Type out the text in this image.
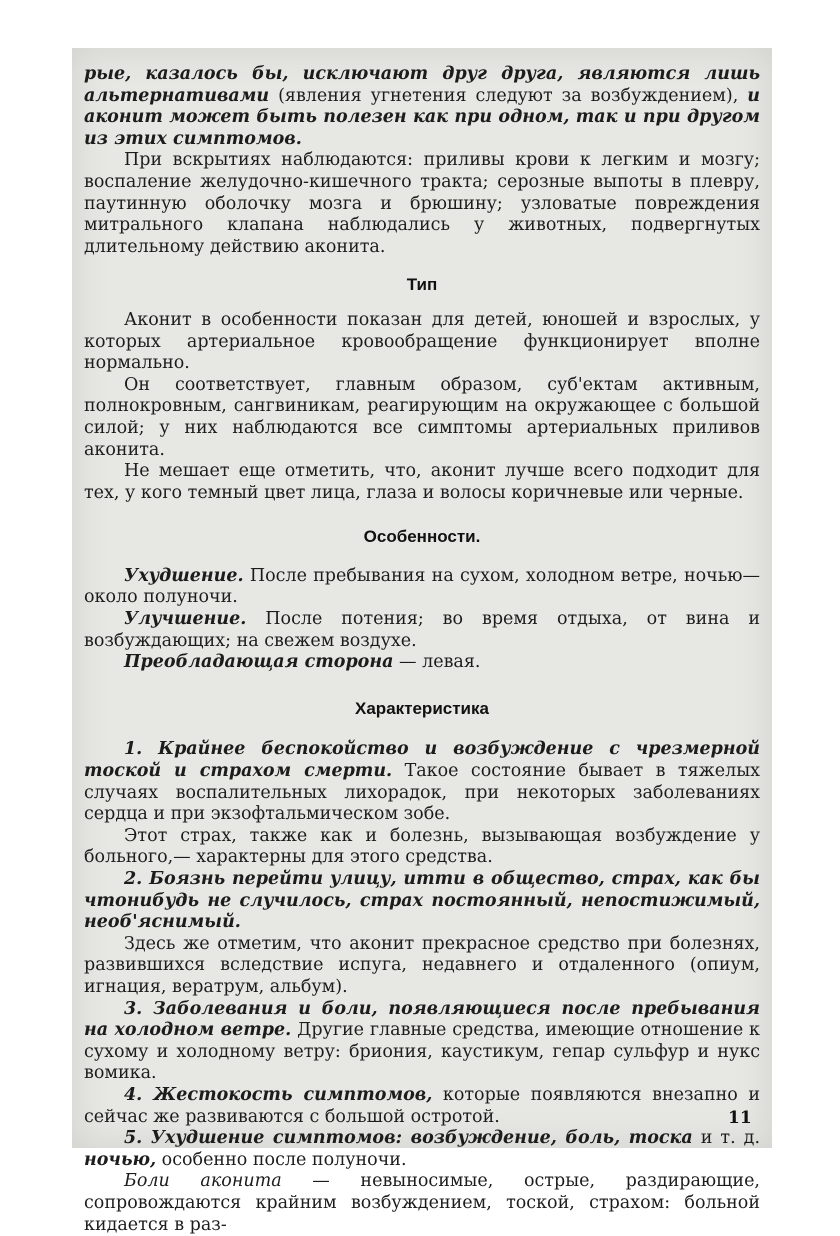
рые, казалось бы, исключают друг друга, являются лишь альтернативами (явления угнетения следуют за возбуждением), и аконит может быть полезен как при одном, так и при другом из этих симптомов.

При вскрытиях наблюдаются: приливы крови к легким и мозгу; воспаление желудочно-кишечного тракта; серозные выпоты в плевру, паутинную оболочку мозга и брюшину; узловатые повреждения митрального клапана наблюдались у животных, подвергнутых длительному действию аконита.

Тип

Аконит в особенности показан для детей, юношей и взрослых, у которых артериальное кровообращение функционирует вполне нормально.

Он соответствует, главным образом, суб'ектам активным, полнокровным, сангвиникам, реагирующим на окружающее с большой силой; у них наблюдаются все симптомы артериальных приливов аконита.

Не мешает еще отметить, что, аконит лучше всего подходит для тех, у кого темный цвет лица, глаза и волосы коричневые или черные.

Особенности.

Ухудшение. После пребывания на сухом, холодном ветре, ночью— около полуночи.

Улучшение. После потения; во время отдыха, от вина и возбуждающих; на свежем воздухе.

Преобладающая сторона — левая.

Характеристика

1. Крайнее беспокойство и возбуждение с чрезмерной тоской и страхом смерти. Такое состояние бывает в тяжелых случаях воспалительных лихорадок, при некоторых заболеваниях сердца и при экзофтальмическом зобе.

Этот страх, также как и болезнь, вызывающая возбуждение у больного,— характерны для этого средства.

2. Боязнь перейти улицу, итти в общество, страх, как бы чтонибудь не случилось, страх постоянный, непостижимый, необ'яснимый.

Здесь же отметим, что аконит прекрасное средство при болезнях, развившихся вследствие испуга, недавнего и отдаленного (опиум, игнация, вератрум, альбум).

3. Заболевания и боли, появляющиеся после пребывания на холодном ветре. Другие главные средства, имеющие отношение к сухому и холодному ветру: бриония, каустикум, гепар сульфур и нукс вомика.

4. Жестокость симптомов, которые появляются внезапно и сейчас же развиваются с большой остротой.

5. Ухудшение симптомов: возбуждение, боль, тоска и т. д. ночью, особенно после полуночи.

Боли аконита — невыносимые, острые, раздирающие, сопровождаются крайним возбуждением, тоской, страхом: больной кидается в раз-

11
